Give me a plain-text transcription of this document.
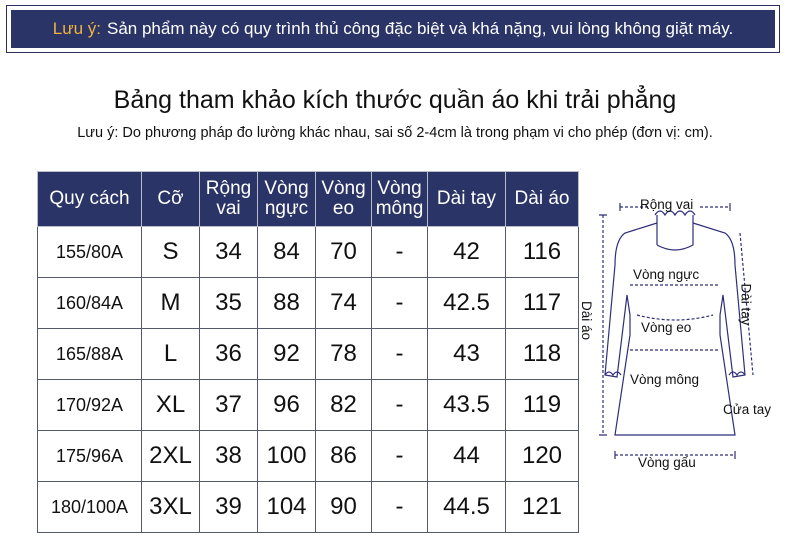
Lưu ý: Sản phẩm này có quy trình thủ công đặc biệt và khá nặng, vui lòng không giặt máy.
Bảng tham khảo kích thước quần áo khi trải phẳng
Lưu ý: Do phương pháp đo lường khác nhau, sai số 2-4cm là trong phạm vi cho phép (đơn vị: cm).
Quy cách	Cỡ	Rộng vai	Vòng ngực	Vòng eo	Vòng mông	Dài tay	Dài áo
155/80A	S	34	84	70	-	42	116
160/84A	M	35	88	74	-	42.5	117
165/88A	L	36	92	78	-	43	118
170/92A	XL	37	96	82	-	43.5	119
175/96A	2XL	38	100	86	-	44	120
180/100A	3XL	39	104	90	-	44.5	121
Rộng vai
Vòng ngực
Vòng eo
Vòng mông
Dài áo	Dài tay
Cửa tay
Vòng gấu
